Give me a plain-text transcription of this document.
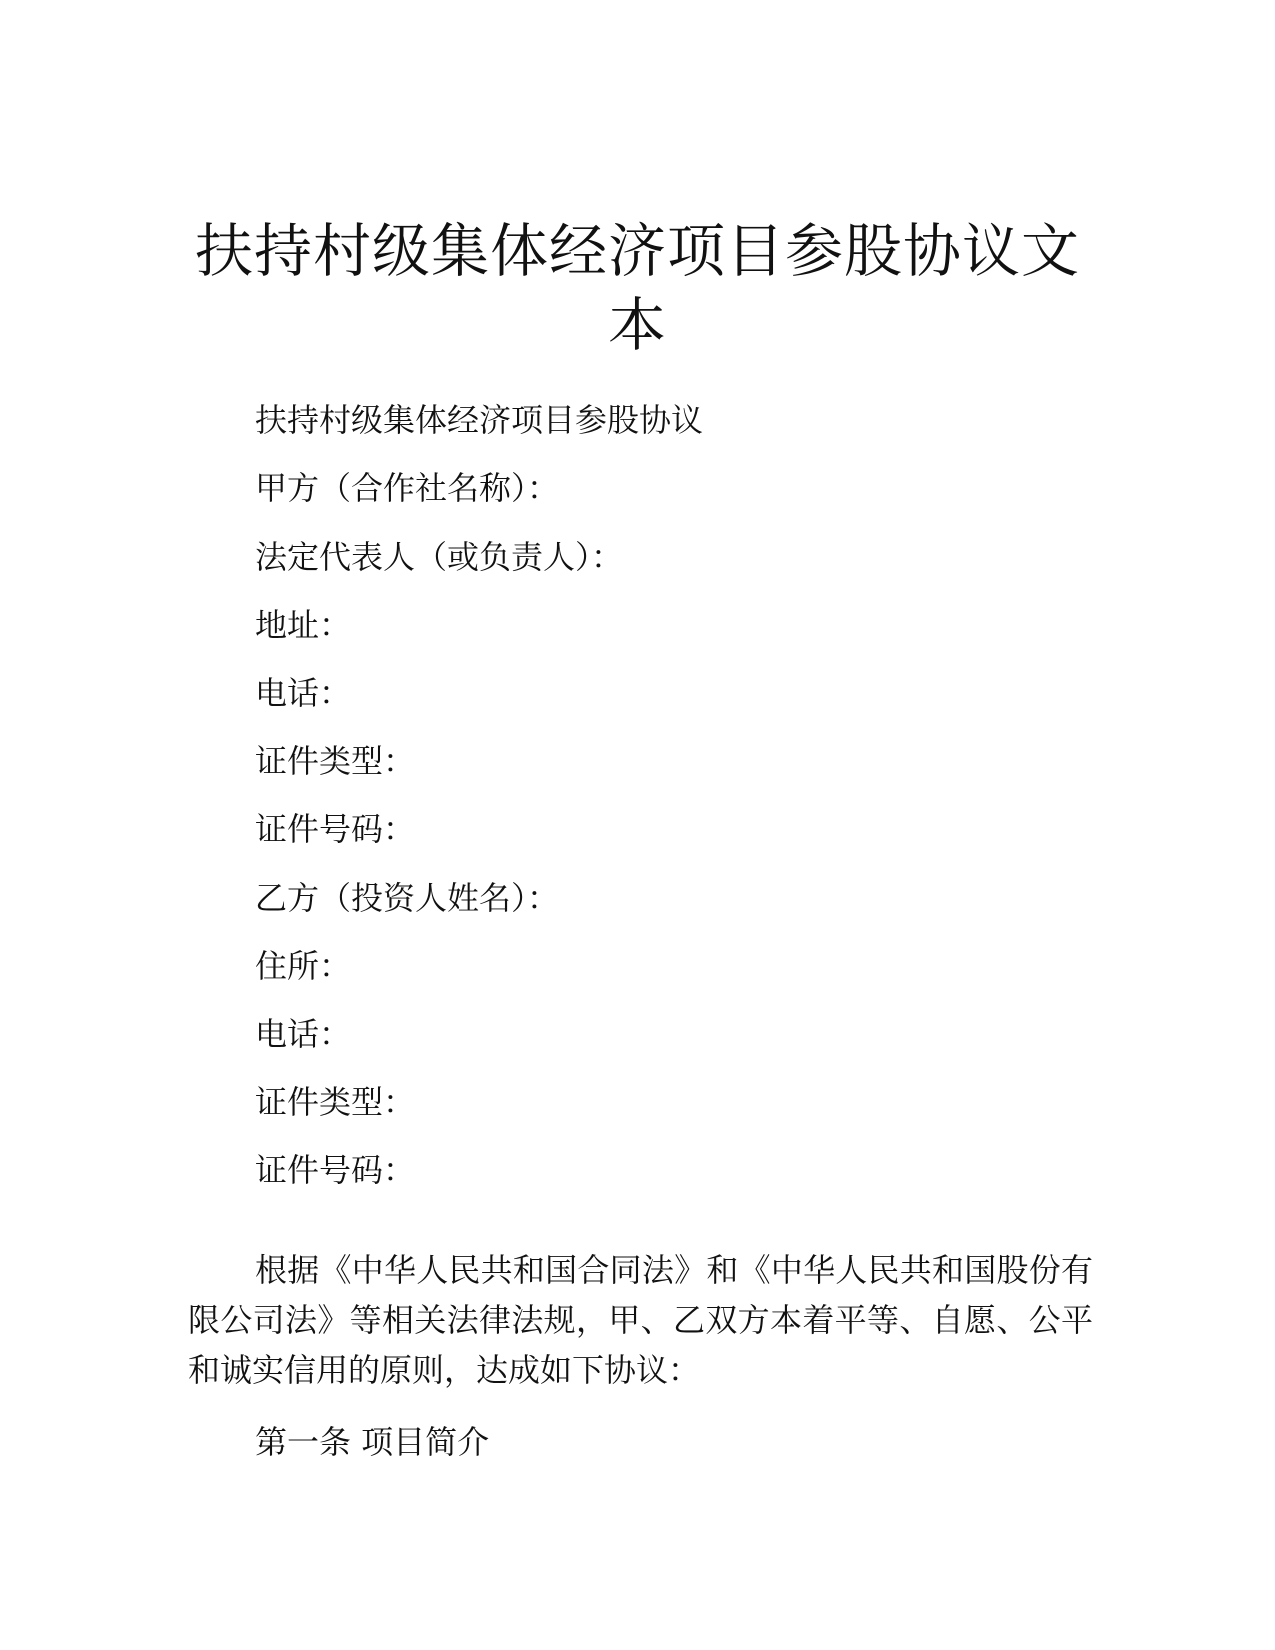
扶持村级集体经济项目参股协议文本

扶持村级集体经济项目参股协议

甲方（合作社名称）：

法定代表人（或负责人）：

地址：

电话：

证件类型：

证件号码：

乙方（投资人姓名）：

住所：

电话：

证件类型：

证件号码：

根据《中华人民共和国合同法》和《中华人民共和国股份有限公司法》等相关法律法规，甲、乙双方本着平等、自愿、公平和诚实信用的原则，达成如下协议：

第一条 项目简介
